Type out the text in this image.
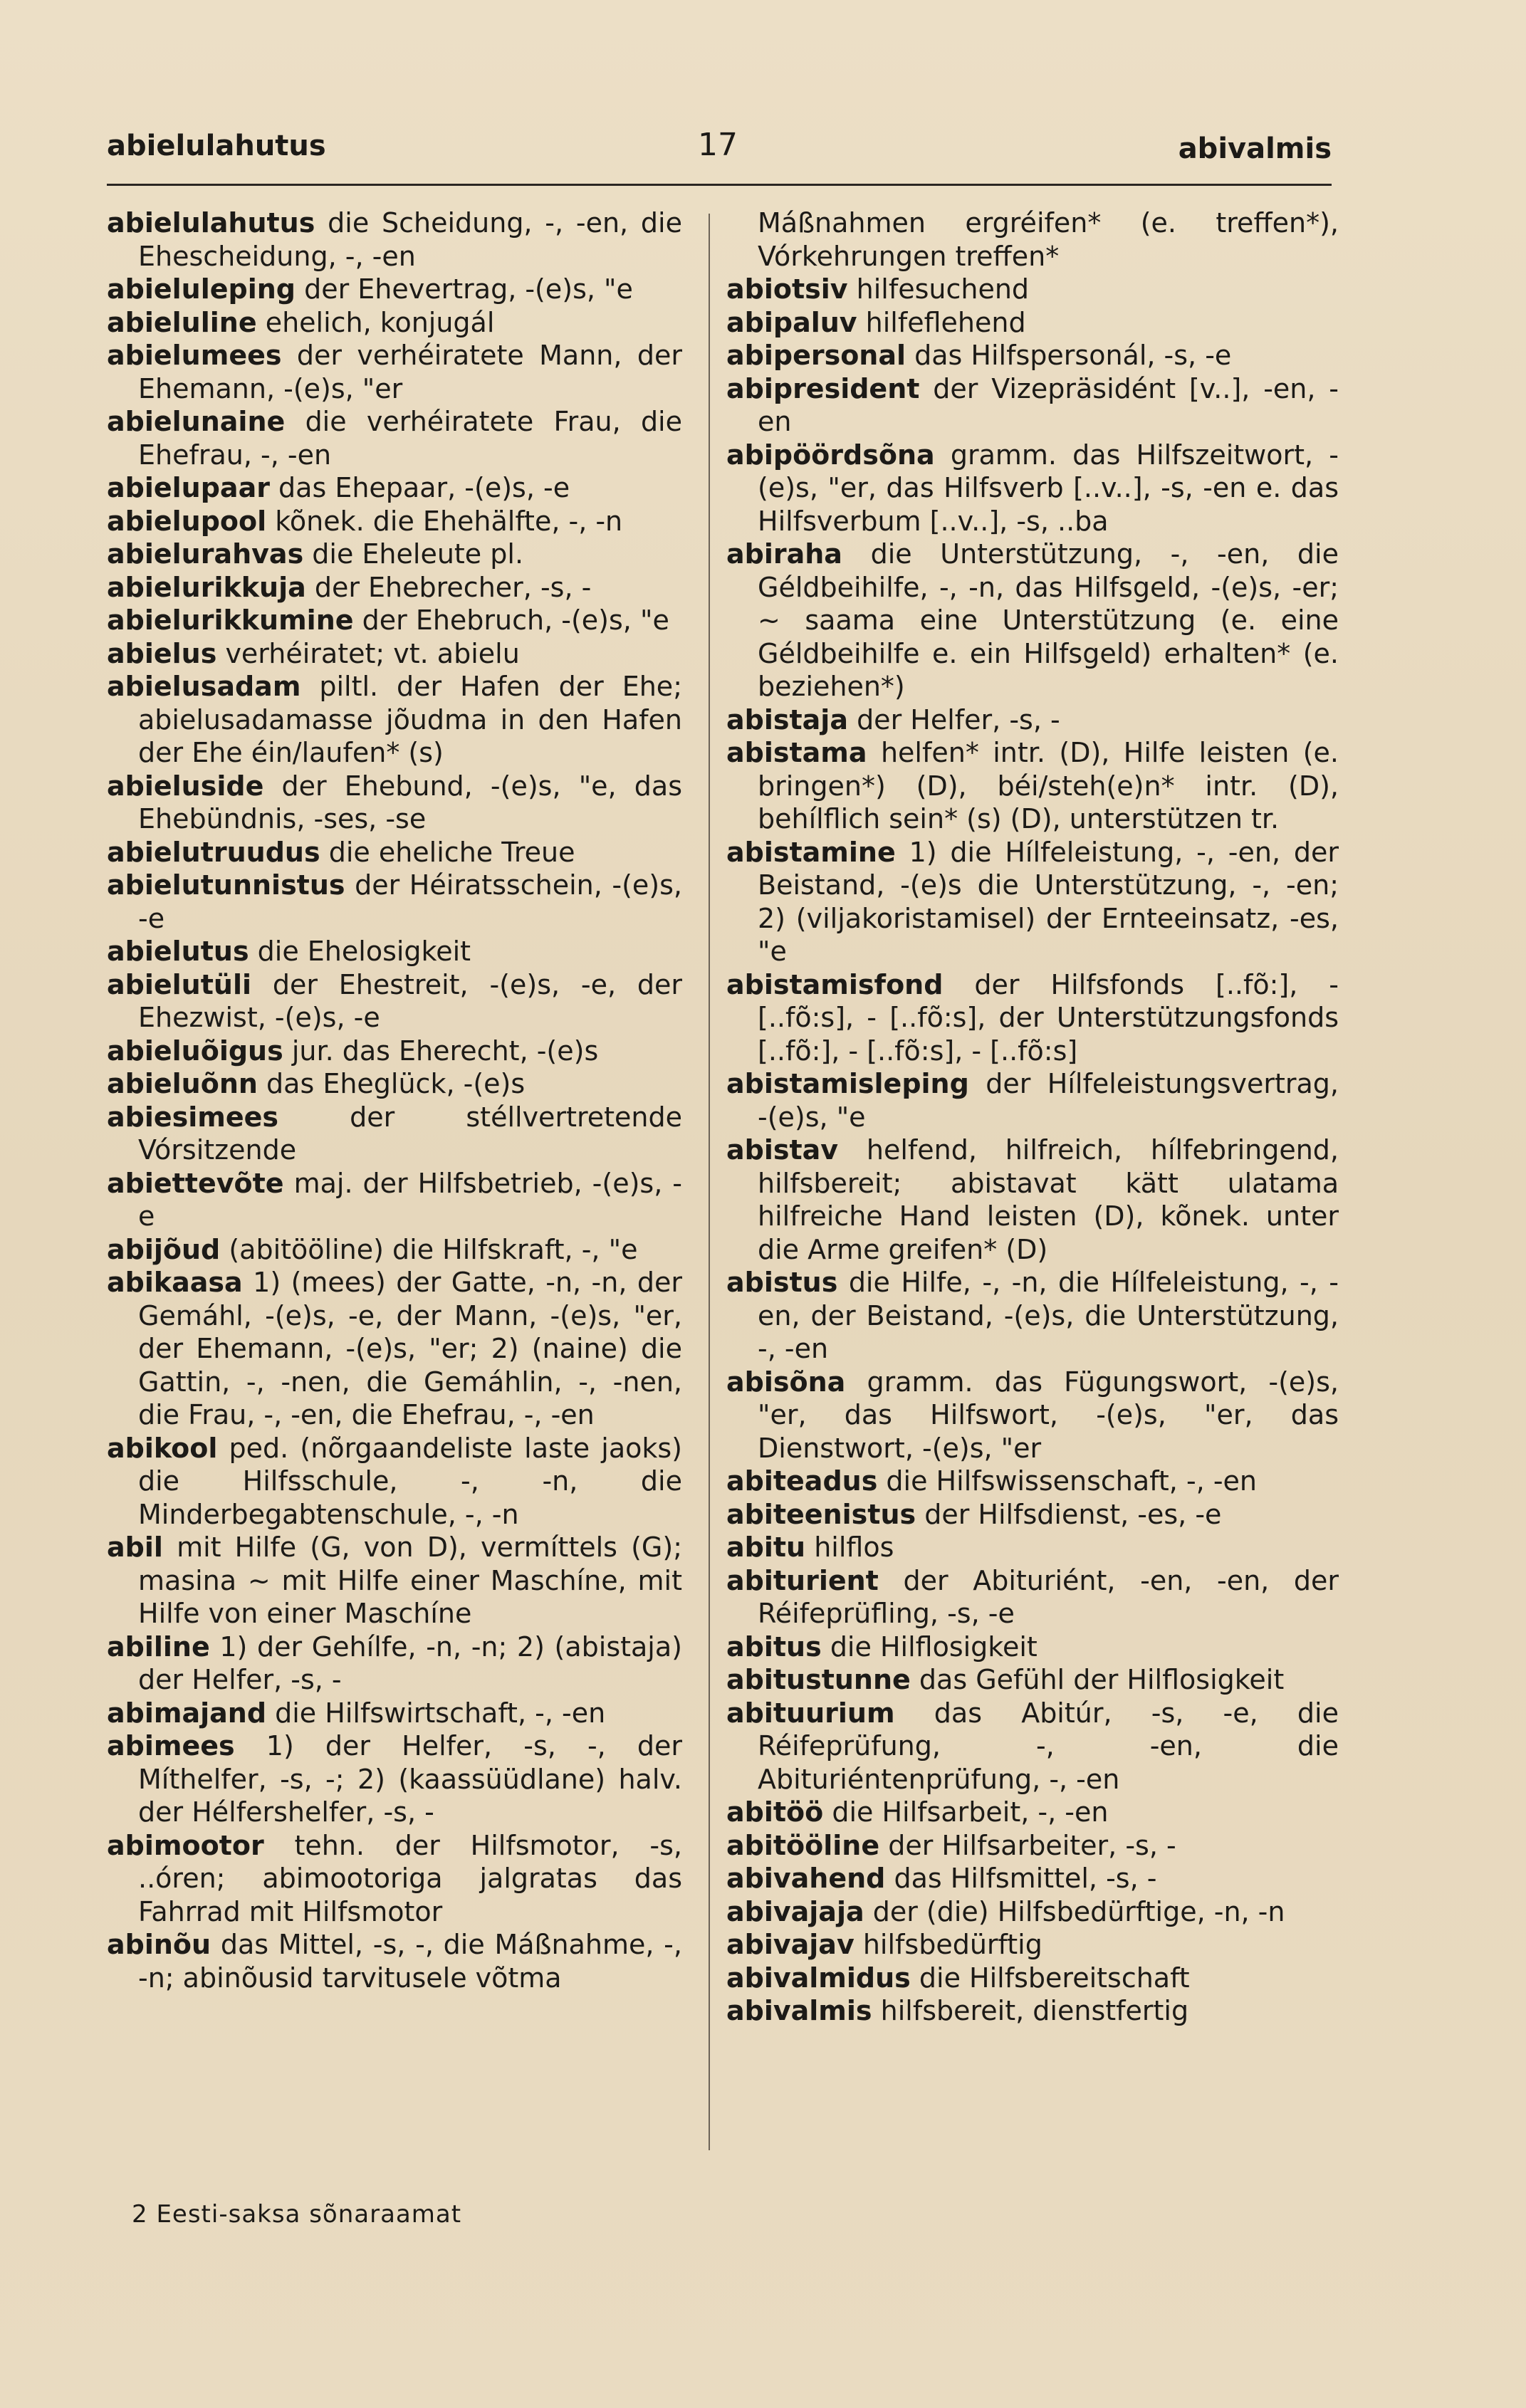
abielulahutus	17	abivalmis
abielulahutus die Scheidung, -, -en, die Ehescheidung, -, -en
abieluleping der Ehevertrag, -(e)s, "e
abieluline ehelich, konjugál
abielumees der verhéiratete Mann, der Ehemann, -(e)s, "er
abielunaine die verhéiratete Frau, die Ehefrau, -, -en
abielupaar das Ehepaar, -(e)s, -e
abielupool kõnek. die Ehehälfte, -, -n
abielurahvas die Eheleute pl.
abielurikkuja der Ehebrecher, -s, -
abielurikkumine der Ehebruch, -(e)s, "e
abielus verhéiratet; vt. abielu
abielusadam piltl. der Hafen der Ehe; abielusadamasse jõudma in den Hafen der Ehe éin/laufen* (s)
abieluside der Ehebund, -(e)s, "e, das Ehebündnis, -ses, -se
abielutruudus die eheliche Treue
abielutunnistus der Héiratsschein, -(e)s, -e
abielutus die Ehelosigkeit
abielutüli der Ehestreit, -(e)s, -e, der Ehezwist, -(e)s, -e
abieluõigus jur. das Eherecht, -(e)s
abieluõnn das Eheglück, -(e)s
abiesimees	der stéllvertretende Vórsitzende
abiettevõte maj. der Hilfsbetrieb, -(e)s, -e
abijõud (abitööline) die Hilfskraft, -, "e
abikaasa 1) (mees) der Gatte, -n, -n, der Gemáhl, -(e)s, -e, der Mann, -(e)s, "er, der Ehemann, -(e)s, "er; 2) (naine) die Gattin, -, -nen, die Gemáhlin, -, -nen, die Frau, -, -en, die Ehefrau, -, -en
abikool ped. (nõrgaandeliste laste jaoks) die Hilfsschule, -, -n, die Minderbegabtenschule, -, -n
abil mit Hilfe (G, von D), vermíttels (G); masina ~ mit Hilfe einer Maschíne, mit Hilfe von einer Maschíne
abiline 1) der Gehílfe, -n, -n; 2) (abistaja) der Helfer, -s, -
abimajand die Hilfswirtschaft, -, -en
abimees 1) der Helfer, -s, -, der Míthelfer, -s, -; 2) (kaassüüdlane) halv. der Hélfershelfer, -s, -
abimootor tehn. der Hilfsmotor, -s, ..óren; abimootoriga jalgratas das Fahrrad mit Hilfsmotor
abinõu das Mittel, -s, -, die Máßnahme, -, -n; abinõusid tarvitusele võtma
Máßnahmen ergréifen* (e. treffen*), Vórkehrungen treffen*
abiotsiv hilfesuchend
abipaluv hilfeflehend
abipersonal das Hilfspersonál, -s, -e
abipresident der Vizepräsidént [v..], -en, -en
abipöördsõna gramm. das Hilfszeitwort, -(e)s, "er, das Hilfsverb [..v..], -s, -en e. das Hilfsverbum [..v..], -s, ..ba
abiraha die Unterstützung, -, -en, die Géldbeihilfe, -, -n, das Hilfsgeld, -(e)s, -er; ~ saama eine Unterstützung (e. eine Géldbeihilfe e. ein Hilfsgeld) erhalten* (e. beziehen*)
abistaja der Helfer, -s, -
abistama helfen* intr. (D), Hilfe leisten (e. bringen*) (D), béi/steh(e)n* intr. (D), behílflich sein* (s) (D), unterstützen tr.
abistamine 1) die Hílfeleistung, -, -en, der Beistand, -(e)s die Unterstützung, -, -en; 2) (viljakoristamisel) der Erntеeinsatz, -es, "e
abistamisfond der Hilfsfonds [..fõ:], -[..fõ:s], - [..fõ:s], der Unterstützungsfonds [..fõ:], - [..fõ:s], - [..fõ:s]
abistamisleping der Hílfeleistungsvertrag, -(e)s, "e
abistav helfend, hilfreich, hílfebringend, hilfsbereit; abistavat kätt ulatama hilfreiche Hand leisten (D), kõnek. unter die Arme greifen* (D)
abistus die Hilfe, -, -n, die Hílfeleistung, -, -en, der Beistand, -(e)s, die Unterstützung, -, -en
abisõna gramm. das Fügungswort, -(e)s, "er, das Hilfswort, -(e)s, "er, das Dienstwort, -(e)s, "er
abiteadus die Hilfswissenschaft, -, -en
abiteenistus der Hilfsdienst, -es, -e
abitu hilflos
abiturient der Abituriént, -en, -en, der Réifeprüfling, -s, -e
abitus die Hilflosigkeit
abitustunne das Gefühl der Hilflosigkeit
abituurium das Abitúr, -s, -e, die Réifeprüfung, -, -en, die Abituriéntenprüfung, -, -en
abitöö die Hilfsarbeit, -, -en
abitööline der Hilfsarbeiter, -s, -
abivahend das Hilfsmittel, -s, -
abivajaja der (die) Hilfsbedürftige, -n, -n
abivajav hilfsbedürftig
abivalmidus die Hilfsbereitschaft
abivalmis hilfsbereit, dienstfertig
2 Eesti-saksa sõnaraamat
